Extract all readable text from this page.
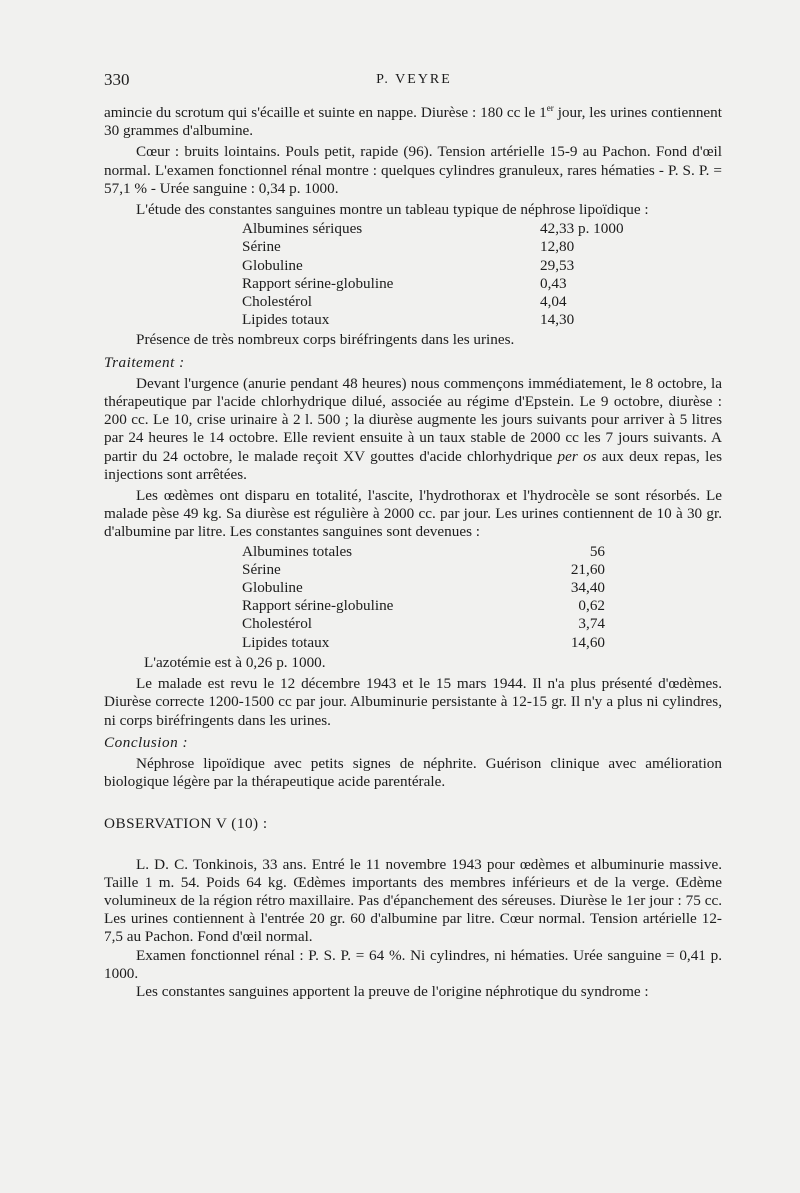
330	P. VEYRE

amincie du scrotum qui s'écaille et suinte en nappe. Diurèse : 180 cc le 1er jour, les urines contiennent 30 grammes d'albumine.

Cœur : bruits lointains. Pouls petit, rapide (96). Tension artérielle 15-9 au Pachon. Fond d'œil normal. L'examen fonctionnel rénal montre : quelques cylindres granuleux, rares hématies - P. S. P. = 57,1 % - Urée sanguine : 0,34 p. 1000.

L'étude des constantes sanguines montre un tableau typique de néphrose lipoïdique :

Albumines sériques	42,33 p. 1000
Sérine	12,80
Globuline	29,53
Rapport sérine-globuline	0,43
Cholestérol	4,04
Lipides totaux	14,30

Présence de très nombreux corps biréfringents dans les urines.

Traitement :

Devant l'urgence (anurie pendant 48 heures) nous commençons immédiatement, le 8 octobre, la thérapeutique par l'acide chlorhydrique dilué, associée au régime d'Epstein. Le 9 octobre, diurèse : 200 cc. Le 10, crise urinaire à 2 l. 500 ; la diurèse augmente les jours suivants pour arriver à 5 litres par 24 heures le 14 octobre. Elle revient ensuite à un taux stable de 2000 cc les 7 jours suivants. A partir du 24 octobre, le malade reçoit XV gouttes d'acide chlorhydrique per os aux deux repas, les injections sont arrêtées.

Les œdèmes ont disparu en totalité, l'ascite, l'hydrothorax et l'hydrocèle se sont résorbés. Le malade pèse 49 kg. Sa diurèse est régulière à 2000 cc. par jour. Les urines contiennent de 10 à 30 gr. d'albumine par litre. Les constantes sanguines sont devenues :

Albumines totales	56
Sérine	21,60
Globuline	34,40
Rapport sérine-globuline	0,62
Cholestérol	3,74
Lipides totaux	14,60

L'azotémie est à 0,26 p. 1000.

Le malade est revu le 12 décembre 1943 et le 15 mars 1944. Il n'a plus présenté d'œdèmes. Diurèse correcte 1200-1500 cc par jour. Albuminurie persistante à 12-15 gr. Il n'y a plus ni cylindres, ni corps biréfringents dans les urines.

Conclusion :

Néphrose lipoïdique avec petits signes de néphrite. Guérison clinique avec amélioration biologique légère par la thérapeutique acide parentérale.

OBSERVATION V (10) :

L. D. C. Tonkinois, 33 ans. Entré le 11 novembre 1943 pour œdèmes et albuminurie massive. Taille 1 m. 54. Poids 64 kg. Œdèmes importants des membres inférieurs et de la verge. Œdème volumineux de la région rétro maxillaire. Pas d'épanchement des séreuses. Diurèse le 1er jour : 75 cc. Les urines contiennent à l'entrée 20 gr. 60 d'albumine par litre. Cœur normal. Tension artérielle 12-7,5 au Pachon. Fond d'œil normal.

Examen fonctionnel rénal : P. S. P. = 64 %. Ni cylindres, ni hématies. Urée sanguine = 0,41 p. 1000.

Les constantes sanguines apportent la preuve de l'origine néphrotique du syndrome :
